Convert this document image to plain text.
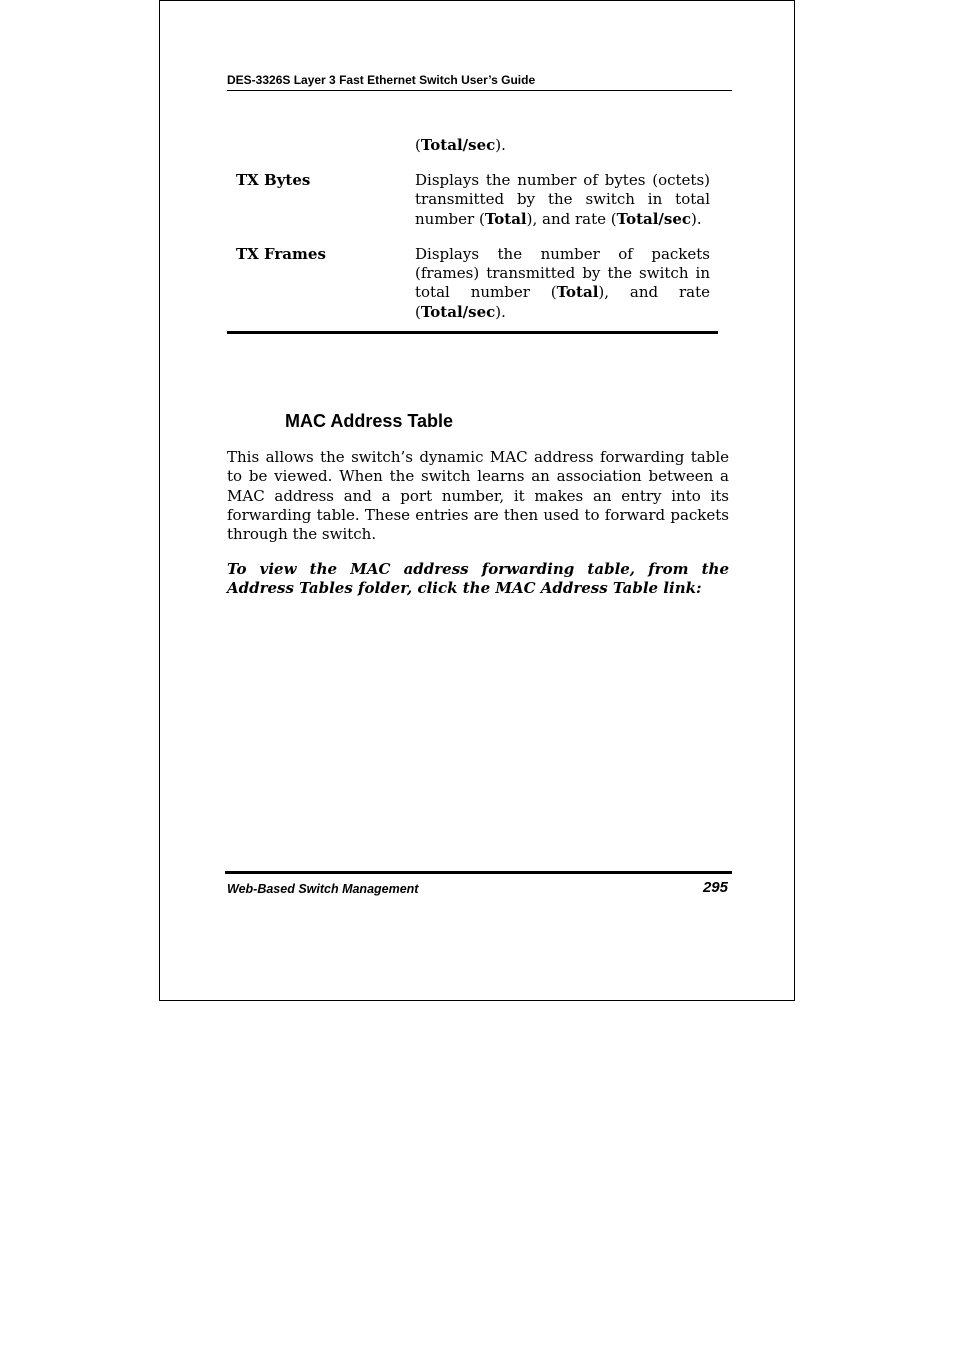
DES-3326S Layer 3 Fast Ethernet Switch User’s Guide
(Total/sec).
TX Bytes	Displays the number of bytes (octets) transmitted by the switch in total number (Total), and rate (Total/sec).
TX Frames	Displays the number of packets (frames) transmitted by the switch in total number (Total), and rate (Total/sec).
MAC Address Table
This allows the switch’s dynamic MAC address forwarding table to be viewed. When the switch learns an association between a MAC address and a port number, it makes an entry into its forwarding table. These entries are then used to forward packets through the switch.
To view the MAC address forwarding table, from the Address Tables folder, click the MAC Address Table link:
Web-Based Switch Management	295
